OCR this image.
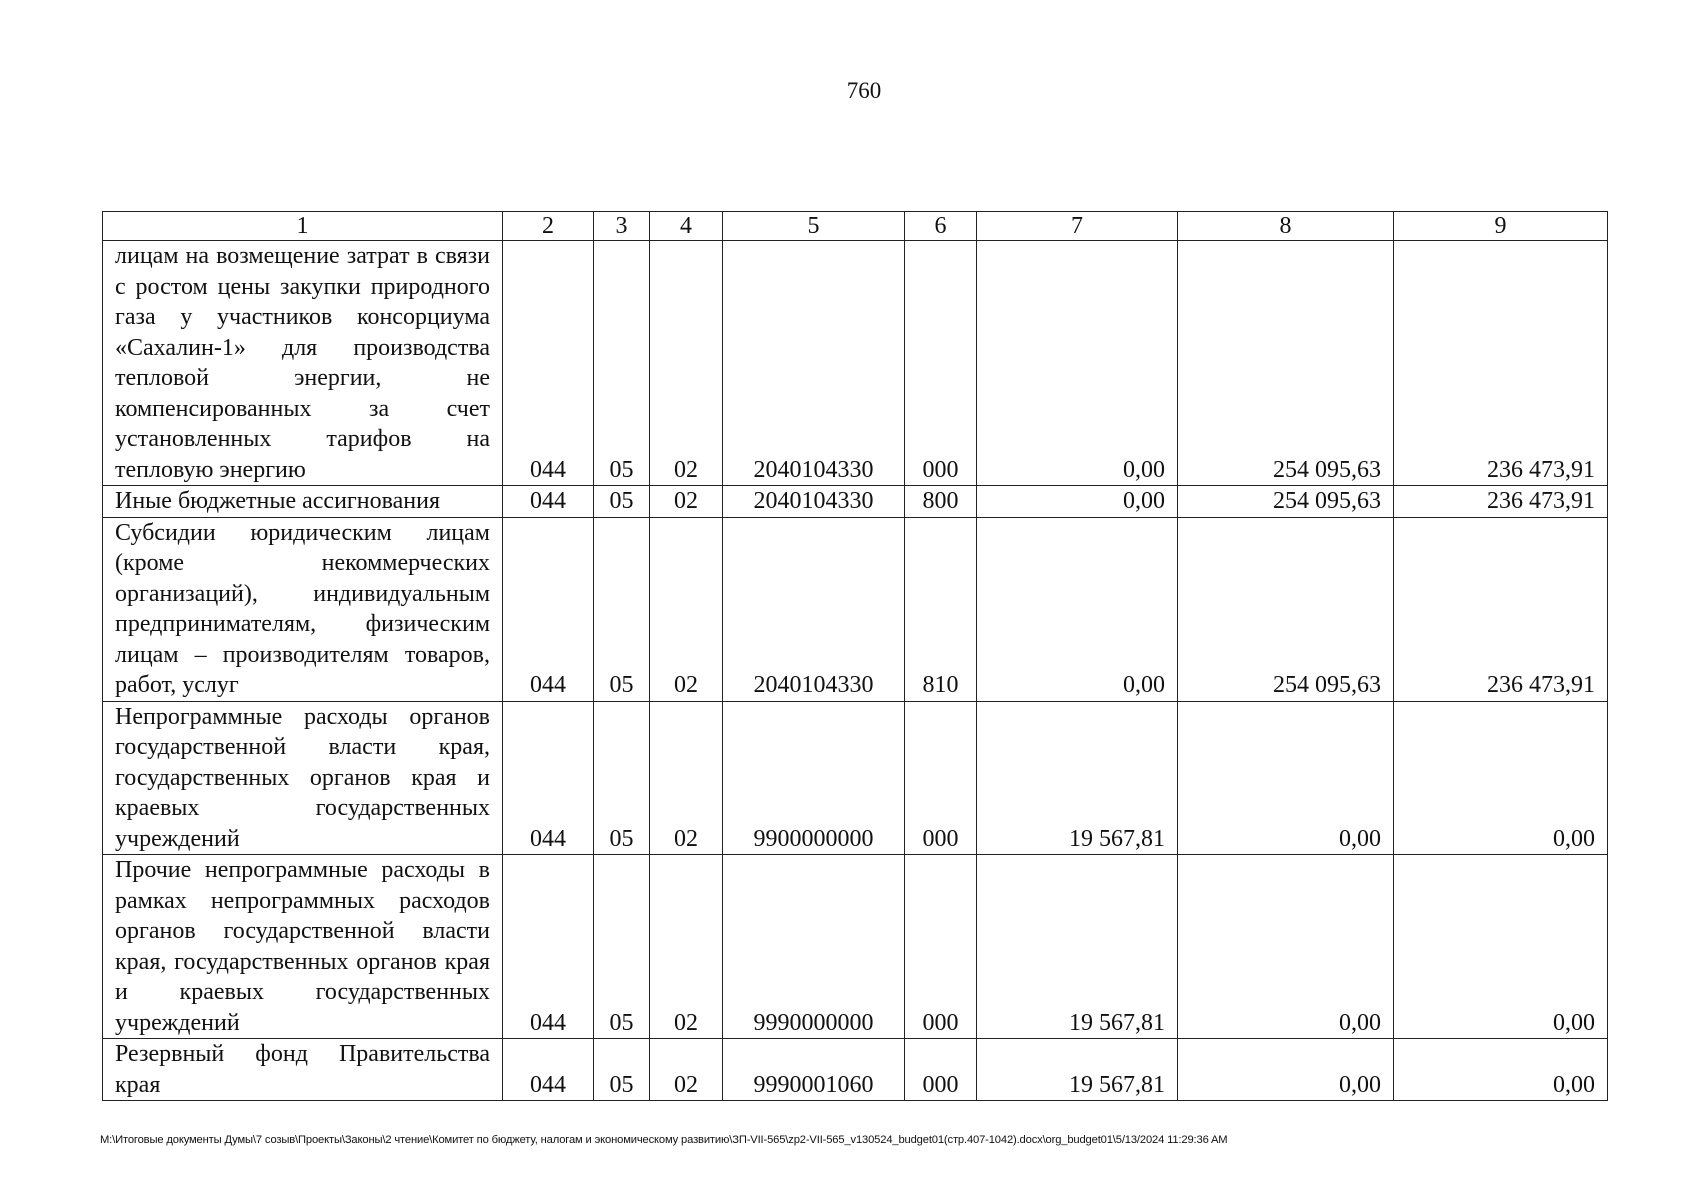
760
1	2	3	4	5	6	7	8	9
лицам на возмещение затрат в связи с ростом цены закупки природного газа у участников консорциума «Сахалин-1» для производства тепловой энергии, не компенсированных за счет установленных тарифов на тепловую энергию	044	05	02	2040104330	000	0,00	254 095,63	236 473,91
Иные бюджетные ассигнования	044	05	02	2040104330	800	0,00	254 095,63	236 473,91
Субсидии юридическим лицам (кроме некоммерческих организаций), индивидуальным предпринимателям, физическим лицам – производителям товаров, работ, услуг	044	05	02	2040104330	810	0,00	254 095,63	236 473,91
Непрограммные расходы органов государственной власти края, государственных органов края и краевых государственных учреждений	044	05	02	9900000000	000	19 567,81	0,00	0,00
Прочие непрограммные расходы в рамках непрограммных расходов органов государственной власти края, государственных органов края и краевых государственных учреждений	044	05	02	9990000000	000	19 567,81	0,00	0,00
Резервный фонд Правительства края	044	05	02	9990001060	000	19 567,81	0,00	0,00
M:\Итоговые документы Думы\7 созыв\Проекты\Законы\2 чтение\Комитет по бюджету, налогам и экономическому развитию\ЗП-VII-565\zp2-VII-565_v130524_budget01(стр.407-1042).docx\org_budget01\5/13/2024 11:29:36 AM
